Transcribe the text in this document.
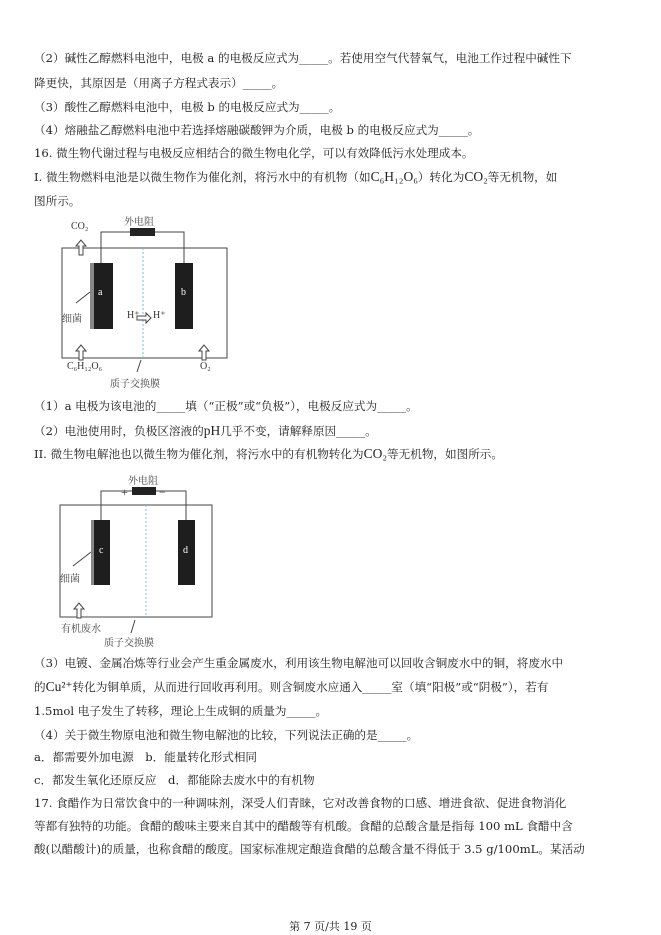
（2）碱性乙醇燃料电池中，电极 a 的电极反应式为_____。若使用空气代替氧气，电池工作过程中碱性下
降更快，其原因是（用离子方程式表示）_____。
（3）酸性乙醇燃料电池中，电极 b 的电极反应式为_____。
（4）熔融盐乙醇燃料电池中若选择熔融碳酸钾为介质，电极 b 的电极反应式为_____。
16. 微生物代谢过程与电极反应相结合的微生物电化学，可以有效降低污水处理成本。
I. 微生物燃料电池是以微生物作为催化剂，将污水中的有机物（如C₆H₁₂O₆）转化为CO₂等无机物，如
图所示。
外电阻
CO₂
a	b
细菌	H⁺ H⁺
C₆H₁₂O₆	O₂
质子交换膜
（1）a 电极为该电池的_____填（“正极”或“负极”），电极反应式为_____。
（2）电池使用时，负极区溶液的pH几乎不变，请解释原因_____。
II. 微生物电解池也以微生物为催化剂，将污水中的有机物转化为CO₂等无机物，如图所示。
外电阻
+	−
c	d
细菌
有机废水
质子交换膜
（3）电镀、金属冶炼等行业会产生重金属废水，利用该生物电解池可以回收含铜废水中的铜，将废水中
的Cu²⁺转化为铜单质，从而进行回收再利用。则含铜废水应通入_____室（填“阳极”或“阴极”），若有
1.5mol 电子发生了转移，理论上生成铜的质量为_____。
（4）关于微生物原电池和微生物电解池的比较，下列说法正确的是_____。
a．都需要外加电源　b．能量转化形式相同
c．都发生氧化还原反应　d．都能除去废水中的有机物
17. 食醋作为日常饮食中的一种调味剂，深受人们青睐，它对改善食物的口感、增进食欲、促进食物消化
等都有独特的功能。食醋的酸味主要来自其中的醋酸等有机酸。食醋的总酸含量是指每 100 mL 食醋中含
酸(以醋酸计)的质量，也称食醋的酸度。国家标准规定酿造食醋的总酸含量不得低于 3.5 g/100mL。某活动
第 7 页/共 19 页
